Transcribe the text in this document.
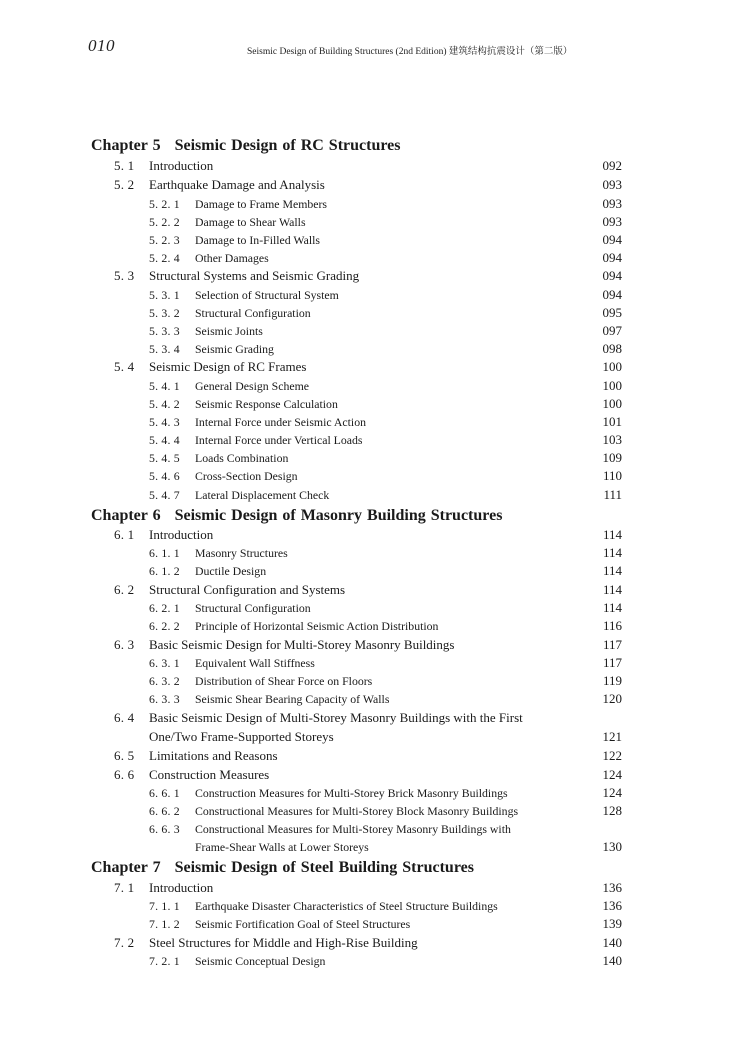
010	Seismic Design of Building Structures (2nd Edition) 建筑结构抗震设计（第二版）
Chapter 5 Seismic Design of RC Structures
5. 1 Introduction	092
5. 2 Earthquake Damage and Analysis	093
5. 2. 1 Damage to Frame Members	093
5. 2. 2 Damage to Shear Walls	093
5. 2. 3 Damage to In-Filled Walls	094
5. 2. 4 Other Damages	094
5. 3 Structural Systems and Seismic Grading	094
5. 3. 1 Selection of Structural System	094
5. 3. 2 Structural Configuration	095
5. 3. 3 Seismic Joints	097
5. 3. 4 Seismic Grading	098
5. 4 Seismic Design of RC Frames	100
5. 4. 1 General Design Scheme	100
5. 4. 2 Seismic Response Calculation	100
5. 4. 3 Internal Force under Seismic Action	101
5. 4. 4 Internal Force under Vertical Loads	103
5. 4. 5 Loads Combination	109
5. 4. 6 Cross-Section Design	110
5. 4. 7 Lateral Displacement Check	111
Chapter 6 Seismic Design of Masonry Building Structures
6. 1 Introduction	114
6. 1. 1 Masonry Structures	114
6. 1. 2 Ductile Design	114
6. 2 Structural Configuration and Systems	114
6. 2. 1 Structural Configuration	114
6. 2. 2 Principle of Horizontal Seismic Action Distribution	116
6. 3 Basic Seismic Design for Multi-Storey Masonry Buildings	117
6. 3. 1 Equivalent Wall Stiffness	117
6. 3. 2 Distribution of Shear Force on Floors	119
6. 3. 3 Seismic Shear Bearing Capacity of Walls	120
6. 4 Basic Seismic Design of Multi-Storey Masonry Buildings with the First
One/Two Frame-Supported Storeys	121
6. 5 Limitations and Reasons	122
6. 6 Construction Measures	124
6. 6. 1 Construction Measures for Multi-Storey Brick Masonry Buildings	124
6. 6. 2 Constructional Measures for Multi-Storey Block Masonry Buildings	128
6. 6. 3 Constructional Measures for Multi-Storey Masonry Buildings with
Frame-Shear Walls at Lower Storeys	130
Chapter 7 Seismic Design of Steel Building Structures
7. 1 Introduction	136
7. 1. 1 Earthquake Disaster Characteristics of Steel Structure Buildings	136
7. 1. 2 Seismic Fortification Goal of Steel Structures	139
7. 2 Steel Structures for Middle and High-Rise Building	140
7. 2. 1 Seismic Conceptual Design	140
